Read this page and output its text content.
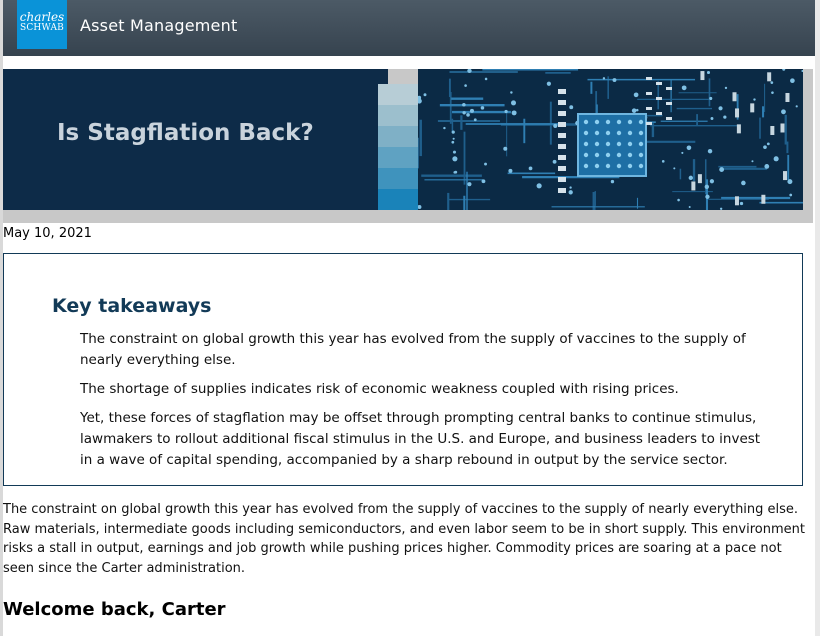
charles
SCHWAB Asset Management
Is Stagflation Back?
May 10, 2021
Key takeaways
The constraint on global growth this year has evolved from the supply of vaccines to the supply of nearly everything else.
The shortage of supplies indicates risk of economic weakness coupled with rising prices.
Yet, these forces of stagflation may be offset through prompting central banks to continue stimulus, lawmakers to rollout additional fiscal stimulus in the U.S. and Europe, and business leaders to invest in a wave of capital spending, accompanied by a sharp rebound in output by the service sector.

The constraint on global growth this year has evolved from the supply of vaccines to the supply of nearly everything else. Raw materials, intermediate goods including semiconductors, and even labor seem to be in short supply. This environment risks a stall in output, earnings and job growth while pushing prices higher. Commodity prices are soaring at a pace not seen since the Carter administration.

Welcome back, Carter
